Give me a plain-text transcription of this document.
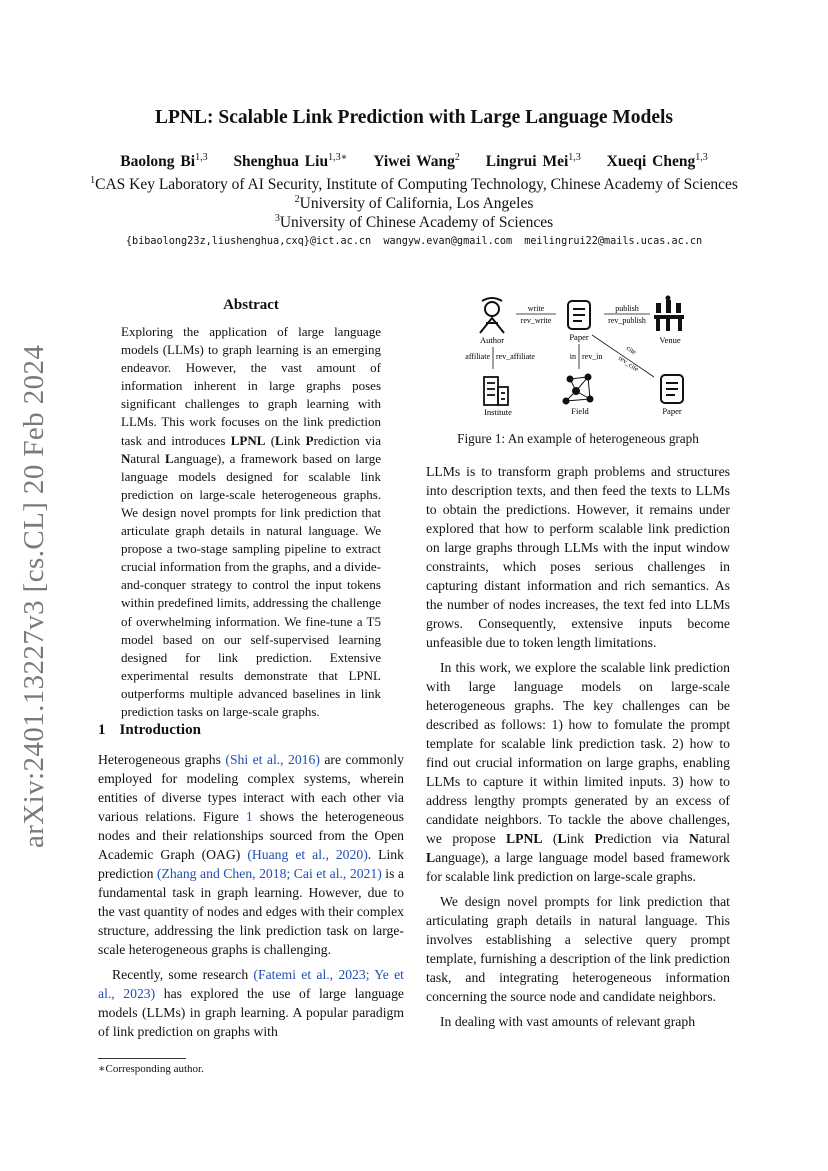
arXiv:2401.13227v3 [cs.CL] 20 Feb 2024
LPNL: Scalable Link Prediction with Large Language Models
Baolong Bi$^{1,3}$ Shenghua Liu$^{1,3∗}$ Yiwei Wang$^2$ Lingrui Mei$^{1,3}$ Xueqi Cheng$^{1,3}$
$^1$CAS Key Laboratory of AI Security, Institute of Computing Technology, Chinese Academy of Sciences
$^2$University of California, Los Angeles
$^3$University of Chinese Academy of Sciences
{bibaolong23z,liushenghua,cxq}@ict.ac.cn wangyw.evan@gmail.com meilingrui22@mails.ucas.ac.cn
Abstract
Exploring the application of large language models (LLMs) to graph learning is an emerging endeavor. However, the vast amount of information inherent in large graphs poses significant challenges to graph learning with LLMs. This work focuses on the link prediction task and introduces LPNL (Link Prediction via Natural Language), a framework based on large language models designed for scalable link prediction on large-scale heterogeneous graphs. We design novel prompts for link prediction that articulate graph details in natural language. We propose a two-stage sampling pipeline to extract crucial information from the graphs, and a divide-and-conquer strategy to control the input tokens within predefined limits, addressing the challenge of overwhelming information. We fine-tune a T5 model based on our self-supervised learning designed for link prediction. Extensive experimental results demonstrate that LPNL outperforms multiple advanced baselines in link prediction tasks on large-scale graphs.
1 Introduction

Heterogeneous graphs (Shi et al., 2016) are commonly employed for modeling complex systems, wherein entities of diverse types interact with each other via various relations. Figure 1 shows the heterogeneous nodes and their relationships sourced from the Open Academic Graph (OAG) (Huang et al., 2020). Link prediction (Zhang and Chen, 2018; Cai et al., 2021) is a fundamental task in graph learning. However, due to the vast quantity of nodes and edges with their complex structure, addressing the link prediction task on large-scale heterogeneous graphs is challenging.

Recently, some research (Fatemi et al., 2023; Ye et al., 2023) has explored the use of large language models (LLMs) in graph learning. A popular paradigm of link prediction on graphs with

∗Corresponding author.
Author	Paper	Venue
write
rev_write
publish
rev_publish
affiliate rev_affiliate	in rev_in
cite
rev_cite
Institute	Field	Paper
Figure 1: An example of heterogeneous graph

LLMs is to transform graph problems and structures into description texts, and then feed the texts to LLMs to obtain the predictions. However, it remains under explored that how to perform scalable link prediction on large graphs through LLMs with the input window constraints, which poses serious challenges in capturing distant information and rich semantics. As the number of nodes increases, the text fed into LLMs grows. Consequently, extensive inputs become unfeasible due to token length limitations.

In this work, we explore the scalable link prediction with large language models on large-scale heterogeneous graphs. The key challenges can be described as follows: 1) how to fomulate the prompt template for scalable link prediction task. 2) how to find out crucial information on large graphs, enabling LLMs to capture it within limited inputs. 3) how to address lengthy prompts generated by an excess of candidate neighbors. To tackle the above challenges, we propose LPNL (Link Prediction via Natural Language), a large language model based framework for scalable link prediction on large-scale graphs.

We design novel prompts for link prediction that articulating graph details in natural language. This involves establishing a selective query prompt template, furnishing a description of the link prediction task, and integrating heterogeneous information concerning the source node and candidate neighbors.

In dealing with vast amounts of relevant graph
